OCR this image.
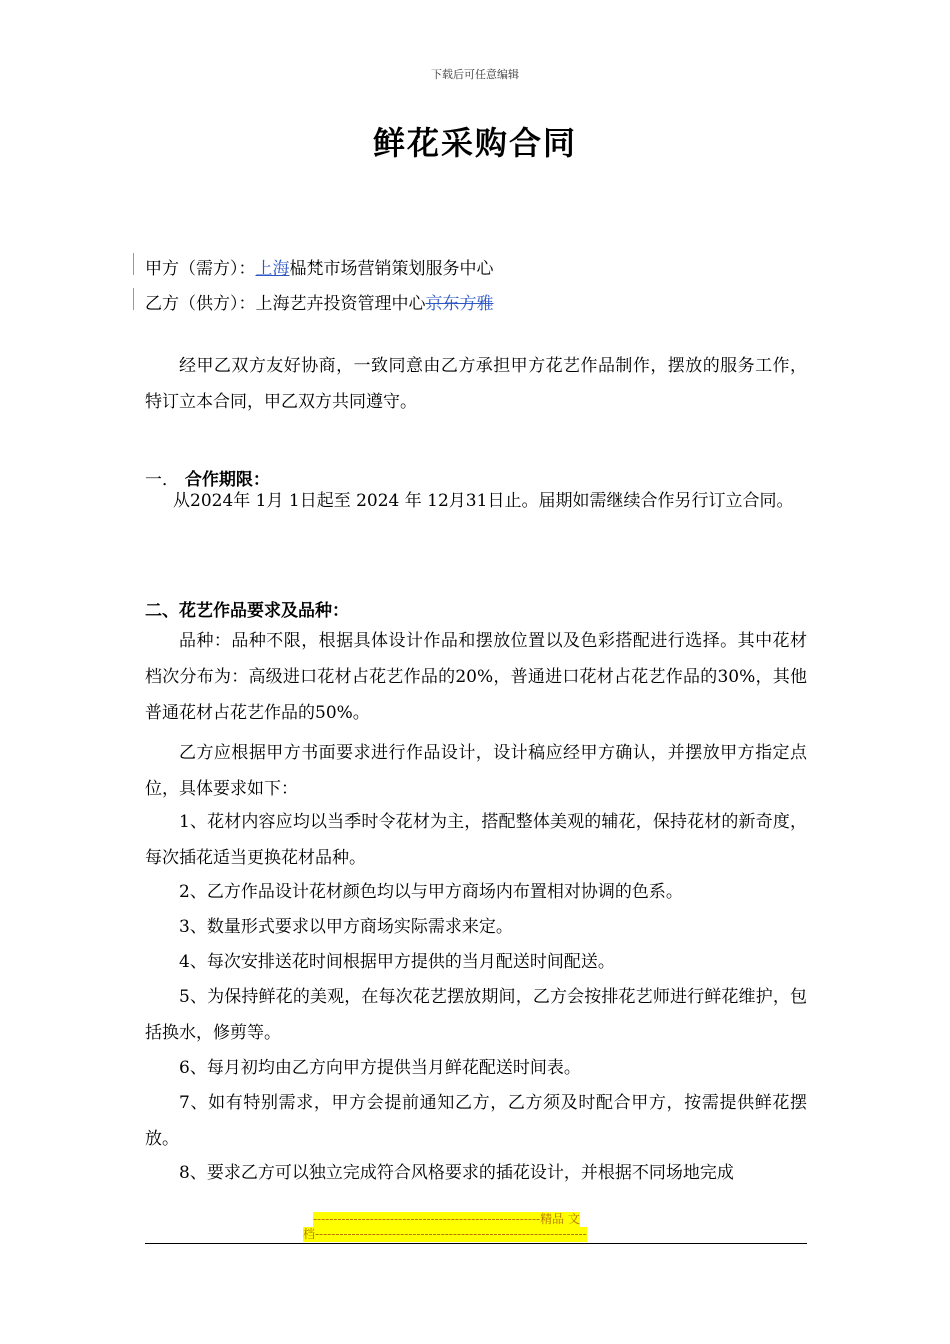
下载后可任意编辑
鲜花采购合同
甲方（需方）：上海榀梵市场营销策划服务中心
乙方（供方）：上海艺卉投资管理中心京东方雅
经甲乙双方友好协商，一致同意由乙方承担甲方花艺作品制作，摆放的服务工作，特订立本合同，甲乙双方共同遵守。
一． 合作期限：
从2024年 1月 1日起至 2024 年 12月31日止。届期如需继续合作另行订立合同。
二、花艺作品要求及品种：
品种：品种不限，根据具体设计作品和摆放位置以及色彩搭配进行选择。其中花材档次分布为：高级进口花材占花艺作品的20%，普通进口花材占花艺作品的30%，其他普通花材占花艺作品的50%。
乙方应根据甲方书面要求进行作品设计，设计稿应经甲方确认，并摆放甲方指定点位，具体要求如下：
1、花材内容应均以当季时令花材为主，搭配整体美观的辅花，保持花材的新奇度，每次插花适当更换花材品种。
2、乙方作品设计花材颜色均以与甲方商场内布置相对协调的色系。
3、数量形式要求以甲方商场实际需求来定。
4、每次安排送花时间根据甲方提供的当月配送时间配送。
5、为保持鲜花的美观，在每次花艺摆放期间，乙方会按排花艺师进行鲜花维护，包括换水，修剪等。
6、每月初均由乙方向甲方提供当月鲜花配送时间表。
7、如有特别需求，甲方会提前通知乙方，乙方须及时配合甲方，按需提供鲜花摆放。
8、要求乙方可以独立完成符合风格要求的插花设计，并根据不同场地完成
--------------------------------------------------------精品 文
档-------------------------------------------------------------------
